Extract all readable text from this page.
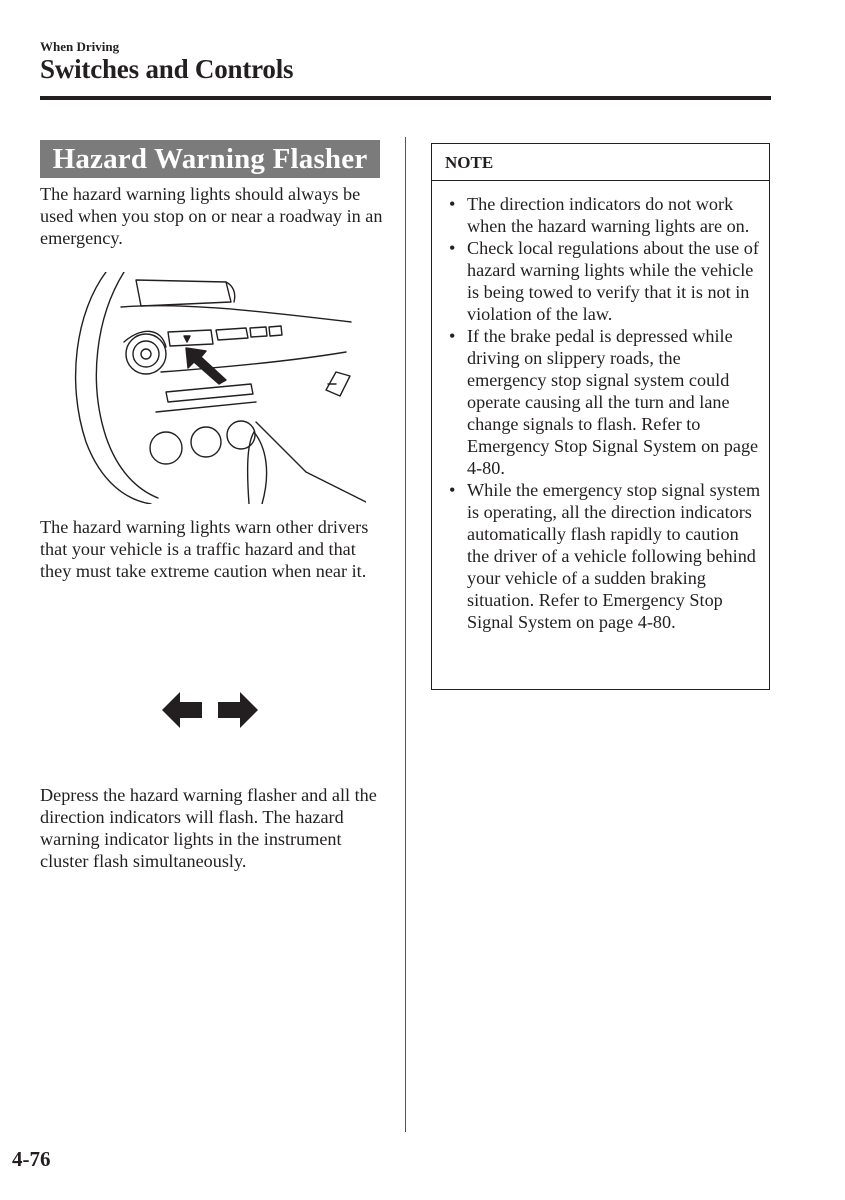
When Driving
Switches and Controls
Hazard Warning Flasher

The hazard warning lights should always be used when you stop on or near a roadway in an emergency.

The hazard warning lights warn other drivers that your vehicle is a traffic hazard and that they must take extreme caution when near it.

Depress the hazard warning flasher and all the direction indicators will flash. The hazard warning indicator lights in the instrument cluster flash simultaneously.

NOTE
• The direction indicators do not work when the hazard warning lights are on.
• Check local regulations about the use of hazard warning lights while the vehicle is being towed to verify that it is not in violation of the law.
• If the brake pedal is depressed while driving on slippery roads, the emergency stop signal system could operate causing all the turn and lane change signals to flash. Refer to Emergency Stop Signal System on page 4-80.
• While the emergency stop signal system is operating, all the direction indicators automatically flash rapidly to caution the driver of a vehicle following behind your vehicle of a sudden braking situation. Refer to Emergency Stop Signal System on page 4-80.
4-76
